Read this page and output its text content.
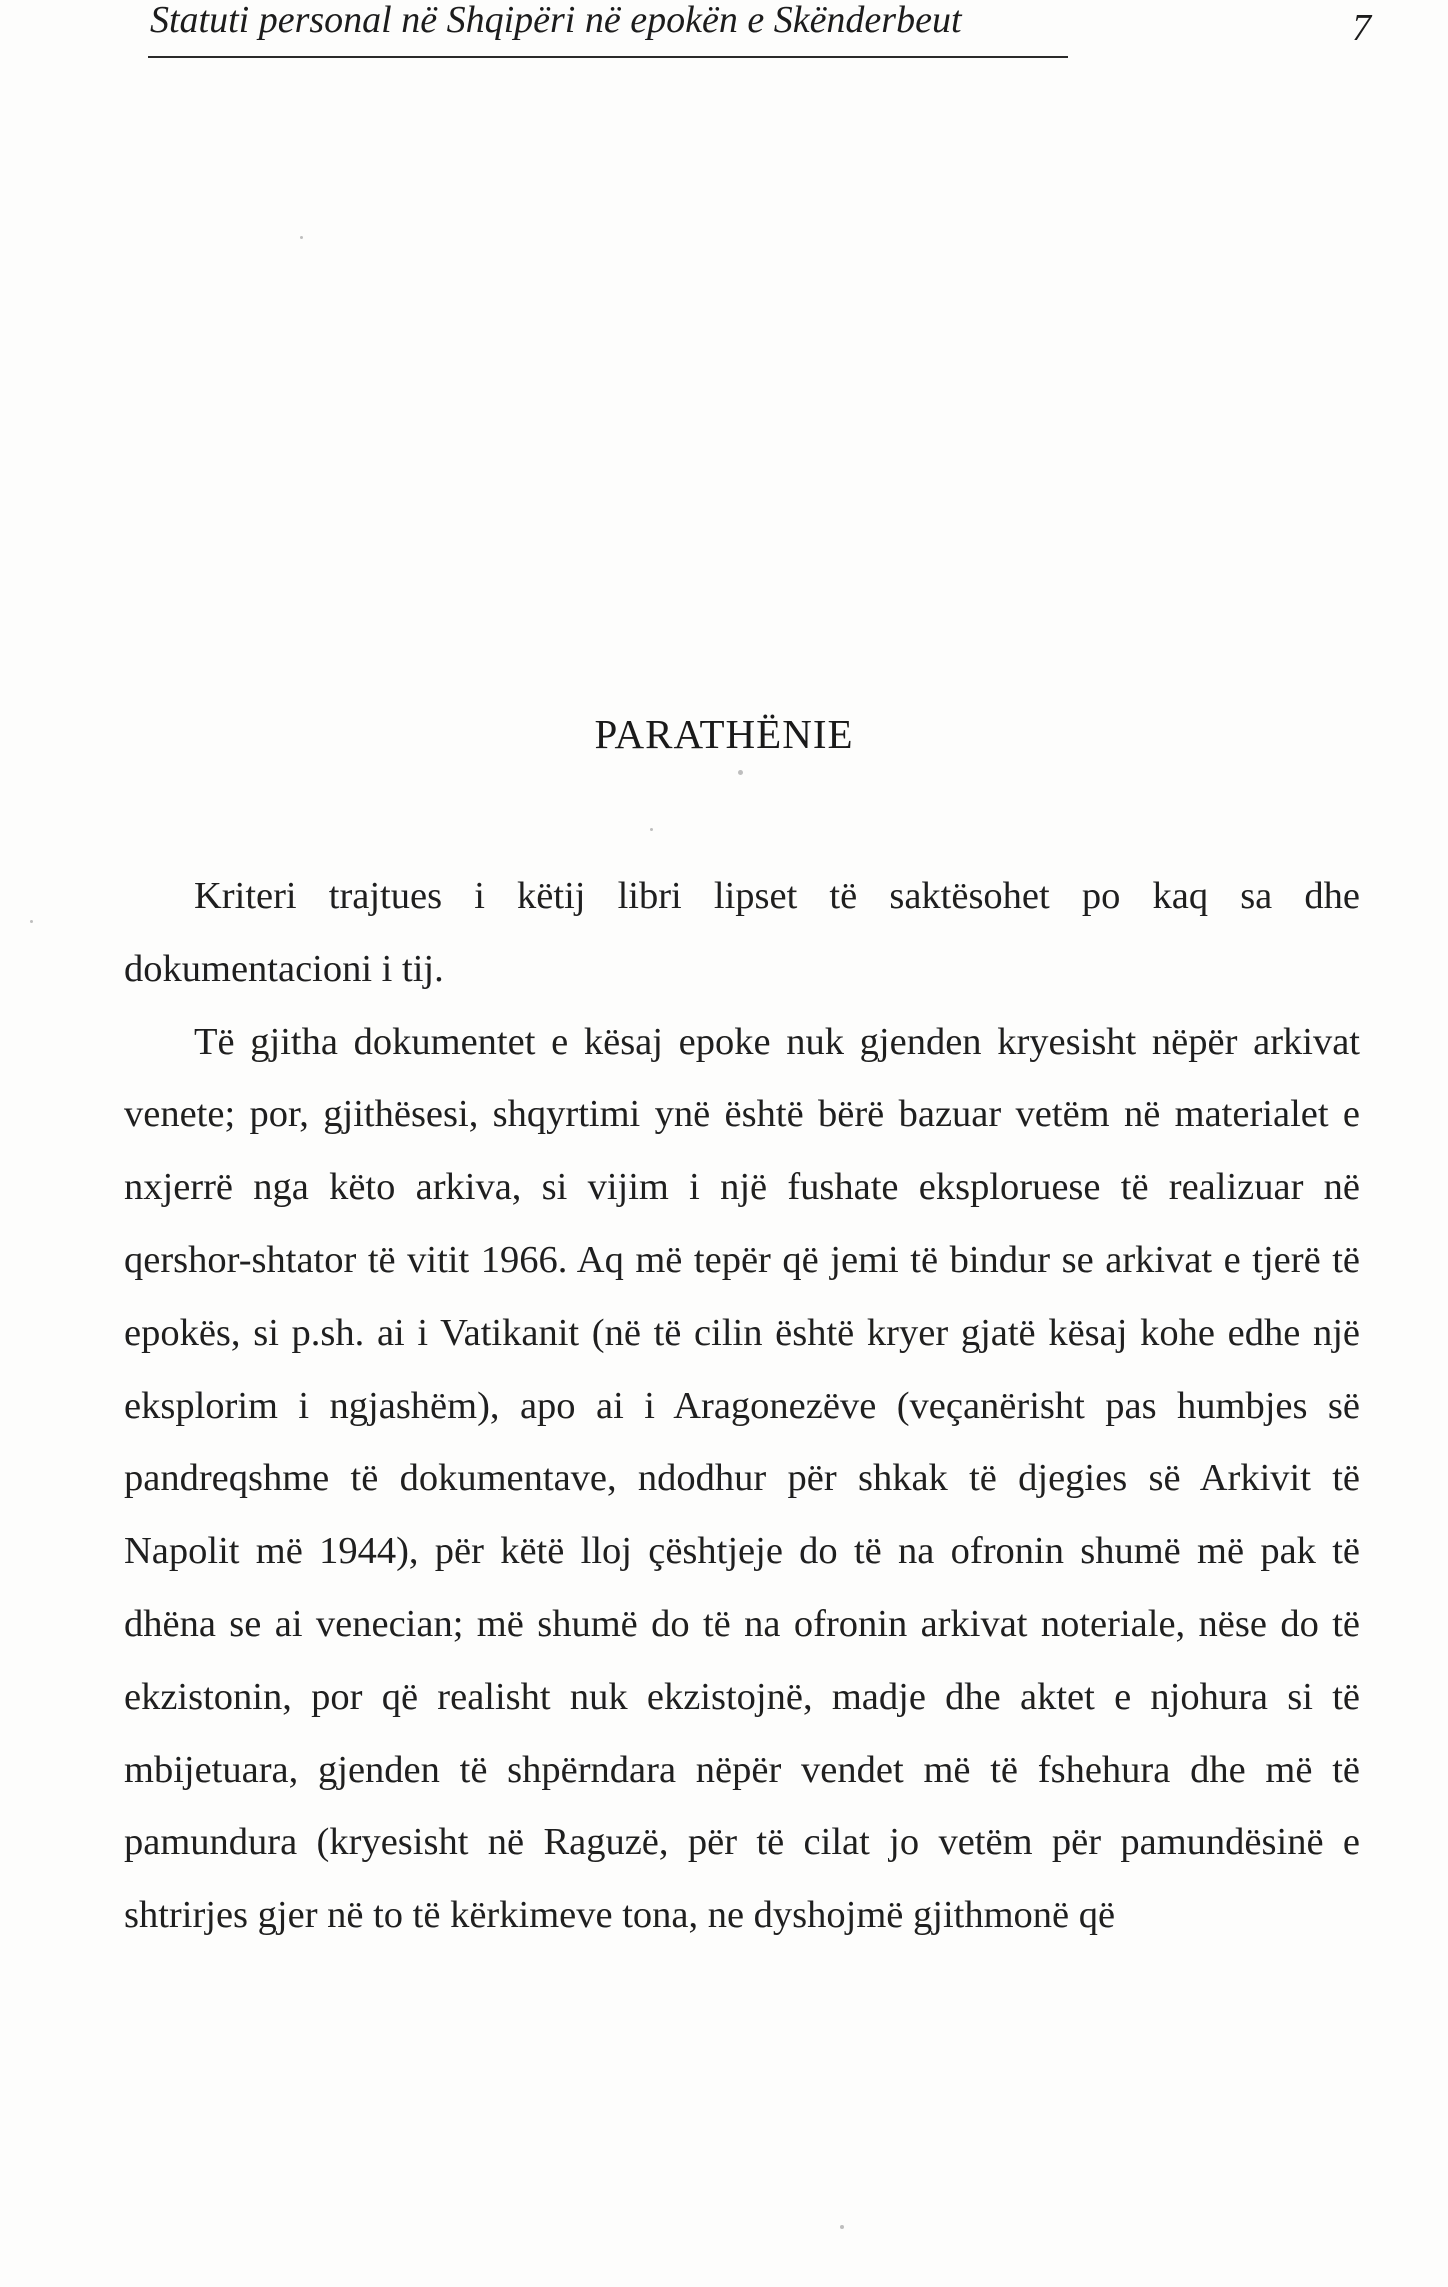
Statuti personal në Shqipëri në epokën e Skënderbeut	7
PARATHËNIE

Kriteri trajtues i këtij libri lipset të saktësohet po kaq sa dhe dokumentacioni i tij.

Të gjitha dokumentet e kësaj epoke nuk gjenden kryesisht nëpër arkivat venete; por, gjithësesi, shqyrtimi ynë është bërë bazuar vetëm në materialet e nxjerrë nga këto arkiva, si vijim i një fushate eksploruese të realizuar në qershor-shtator të vitit 1966. Aq më tepër që jemi të bindur se arkivat e tjerë të epokës, si p.sh. ai i Vatikanit (në të cilin është kryer gjatë kësaj kohe edhe një eksplorim i ngjashëm), apo ai i Aragonezëve (veçanërisht pas humbjes së pandreqshme të dokumentave, ndodhur për shkak të djegies së Arkivit të Napolit më 1944), për këtë lloj çështjeje do të na ofronin shumë më pak të dhëna se ai venecian; më shumë do të na ofronin arkivat noteriale, nëse do të ekzistonin, por që realisht nuk ekzistojnë, madje dhe aktet e njohura si të mbijetuara, gjenden të shpërndara nëpër vendet më të fshehura dhe më të pamundura (kryesisht në Raguzë, për të cilat jo vetëm për pamundësinë e shtrirjes gjer në to të kërkimeve tona, ne dyshojmë gjithmonë që
